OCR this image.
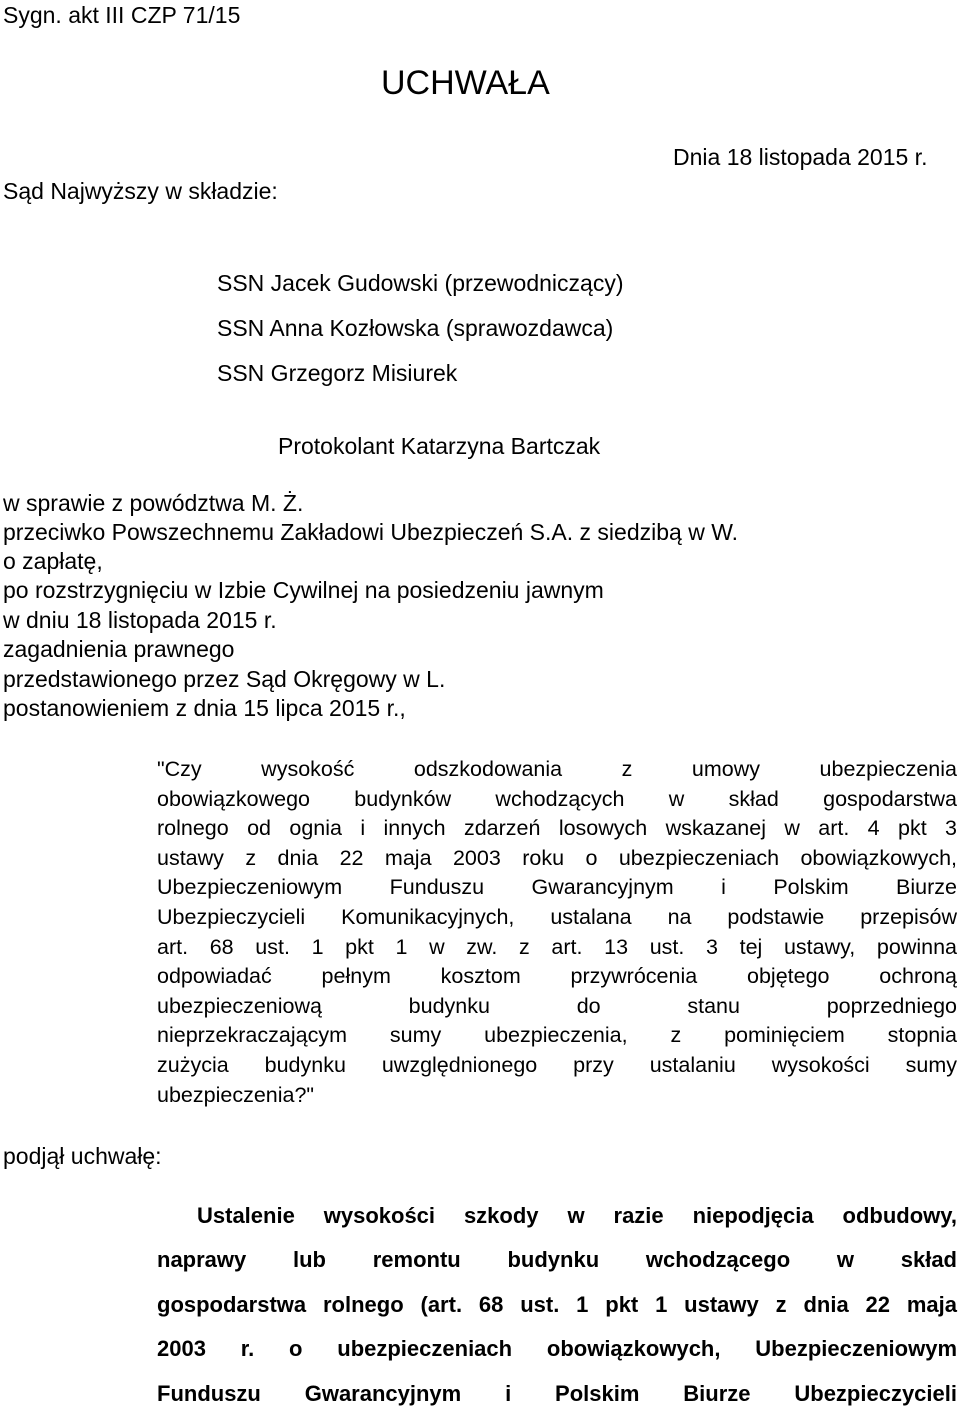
Sygn. akt III CZP 71/15
UCHWAŁA
Dnia 18 listopada 2015 r.
Sąd Najwyższy w składzie:
SSN Jacek Gudowski (przewodniczący)
SSN Anna Kozłowska (sprawozdawca)
SSN Grzegorz Misiurek
Protokolant Katarzyna Bartczak
w sprawie z powództwa M. Ż.
przeciwko Powszechnemu Zakładowi Ubezpieczeń S.A. z siedzibą w W.
o zapłatę,
po rozstrzygnięciu w Izbie Cywilnej na posiedzeniu jawnym
w dniu 18 listopada 2015 r.
zagadnienia prawnego
przedstawionego przez Sąd Okręgowy w L.
postanowieniem z dnia 15 lipca 2015 r.,
"Czy wysokość odszkodowania z umowy ubezpieczenia
obowiązkowego budynków wchodzących w skład gospodarstwa
rolnego od ognia i innych zdarzeń losowych wskazanej w art. 4 pkt 3
ustawy z dnia 22 maja 2003 roku o ubezpieczeniach obowiązkowych,
Ubezpieczeniowym Funduszu Gwarancyjnym i Polskim Biurze
Ubezpieczycieli Komunikacyjnych, ustalana na podstawie przepisów
art. 68 ust. 1 pkt 1 w zw. z art. 13 ust. 3 tej ustawy, powinna
odpowiadać pełnym kosztom przywrócenia objętego ochroną
ubezpieczeniową budynku do stanu poprzedniego
nieprzekraczającym sumy ubezpieczenia, z pominięciem stopnia
zużycia budynku uwzględnionego przy ustalaniu wysokości sumy
ubezpieczenia?"
podjął uchwałę:
Ustalenie wysokości szkody w razie niepodjęcia odbudowy,
naprawy lub remontu budynku wchodzącego w skład
gospodarstwa rolnego (art. 68 ust. 1 pkt 1 ustawy z dnia 22 maja
2003 r. o ubezpieczeniach obowiązkowych, Ubezpieczeniowym
Funduszu Gwarancyjnym i Polskim Biurze Ubezpieczycieli
